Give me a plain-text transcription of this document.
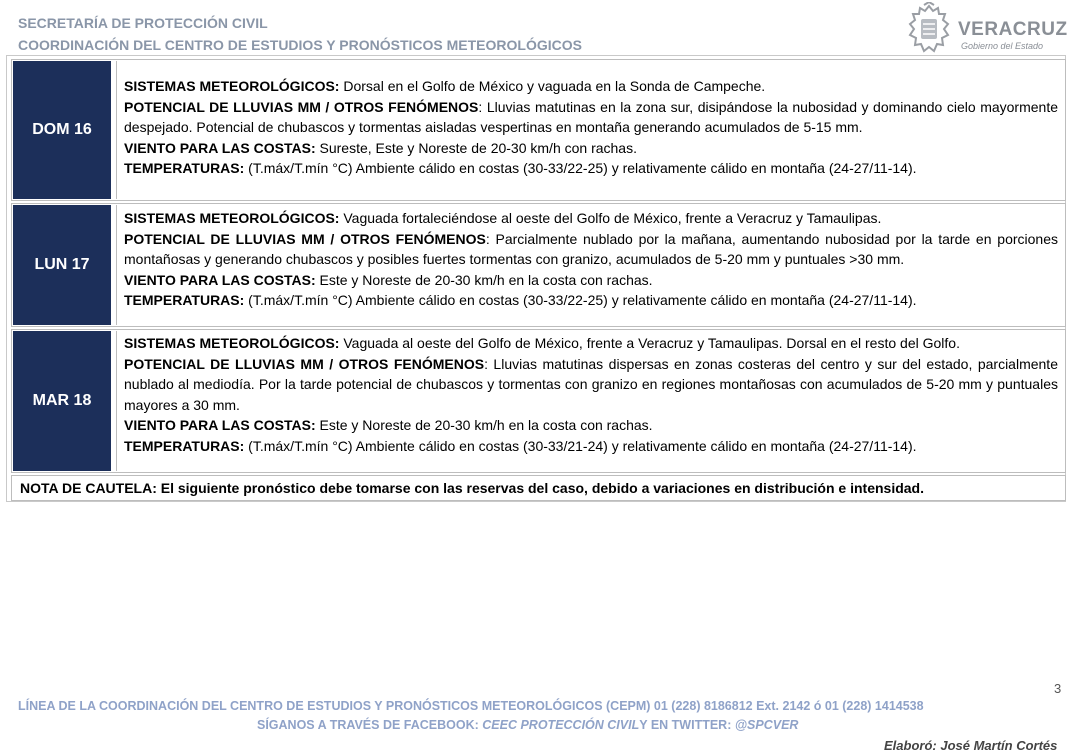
SECRETARÍA DE PROTECCIÓN CIVIL
COORDINACIÓN DEL CENTRO DE ESTUDIOS Y PRONÓSTICOS METEOROLÓGICOS
VERACRUZ
Gobierno del Estado
DOM 16

SISTEMAS METEOROLÓGICOS: Dorsal en el Golfo de México y vaguada en la Sonda de Campeche.

POTENCIAL DE LLUVIAS MM / OTROS FENÓMENOS: Lluvias matutinas en la zona sur, disipándose la nubosidad y dominando cielo mayormente despejado. Potencial de chubascos y tormentas aisladas vespertinas en montaña generando acumulados de 5-15 mm.

VIENTO PARA LAS COSTAS: Sureste, Este y Noreste de 20-30 km/h con rachas.

TEMPERATURAS: (T.máx/T.mín °C) Ambiente cálido en costas (30-33/22-25) y relativamente cálido en montaña (24-27/11-14).

LUN 17

SISTEMAS METEOROLÓGICOS: Vaguada fortaleciéndose al oeste del Golfo de México, frente a Veracruz y Tamaulipas.

POTENCIAL DE LLUVIAS MM / OTROS FENÓMENOS: Parcialmente nublado por la mañana, aumentando nubosidad por la tarde en porciones montañosas y generando chubascos y posibles fuertes tormentas con granizo, acumulados de 5-20 mm y puntuales >30 mm.

VIENTO PARA LAS COSTAS: Este y Noreste de 20-30 km/h en la costa con rachas.

TEMPERATURAS: (T.máx/T.mín °C) Ambiente cálido en costas (30-33/22-25) y relativamente cálido en montaña (24-27/11-14).

MAR 18

SISTEMAS METEOROLÓGICOS: Vaguada al oeste del Golfo de México, frente a Veracruz y Tamaulipas. Dorsal en el resto del Golfo.

POTENCIAL DE LLUVIAS MM / OTROS FENÓMENOS: Lluvias matutinas dispersas en zonas costeras del centro y sur del estado, parcialmente nublado al mediodía. Por la tarde potencial de chubascos y tormentas con granizo en regiones montañosas con acumulados de 5-20 mm y puntuales mayores a 30 mm.

VIENTO PARA LAS COSTAS: Este y Noreste de 20-30 km/h en la costa con rachas.

TEMPERATURAS: (T.máx/T.mín °C) Ambiente cálido en costas (30-33/21-24) y relativamente cálido en montaña (24-27/11-14).

NOTA DE CAUTELA: El siguiente pronóstico debe tomarse con las reservas del caso, debido a variaciones en distribución e intensidad.
3
LÍNEA DE LA COORDINACIÓN DEL CENTRO DE ESTUDIOS Y PRONÓSTICOS METEOROLÓGICOS (CEPM) 01 (228) 8186812 Ext. 2142 ó 01 (228) 1414538
SÍGANOS A TRAVÉS DE FACEBOOK: CEEC PROTECCIÓN CIVILY EN TWITTER: @SPCVER
Elaboró: José Martín Cortés
